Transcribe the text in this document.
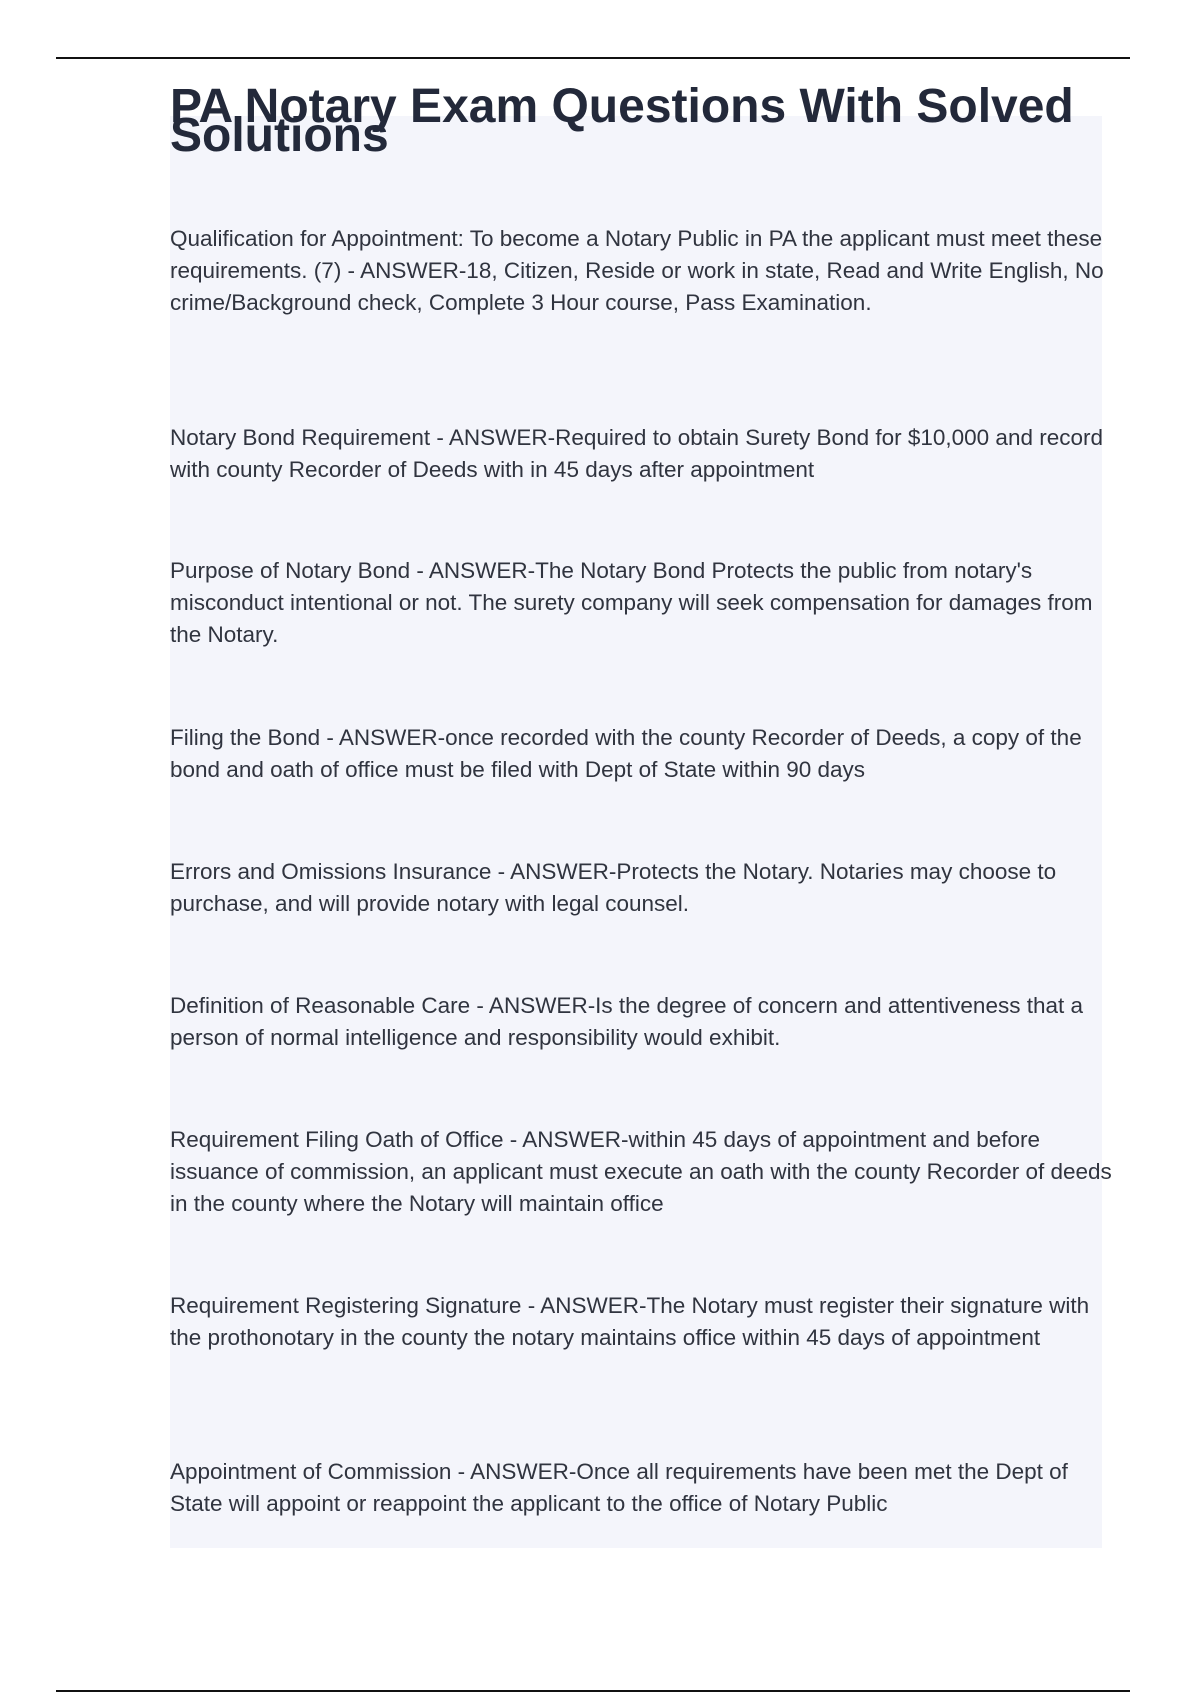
PA Notary Exam Questions With Solved Solutions

Qualification for Appointment: To become a Notary Public in PA the applicant must meet these requirements. (7) - ANSWER-18, Citizen, Reside or work in state, Read and Write English, No crime/Background check, Complete 3 Hour course, Pass Examination.

Notary Bond Requirement - ANSWER-Required to obtain Surety Bond for $10,000 and record with county Recorder of Deeds with in 45 days after appointment

Purpose of Notary Bond - ANSWER-The Notary Bond Protects the public from notary's misconduct intentional or not. The surety company will seek compensation for damages from the Notary.

Filing the Bond - ANSWER-once recorded with the county Recorder of Deeds, a copy of the bond and oath of office must be filed with Dept of State within 90 days

Errors and Omissions Insurance - ANSWER-Protects the Notary. Notaries may choose to purchase, and will provide notary with legal counsel.

Definition of Reasonable Care - ANSWER-Is the degree of concern and attentiveness that a person of normal intelligence and responsibility would exhibit.

Requirement Filing Oath of Office - ANSWER-within 45 days of appointment and before issuance of commission, an applicant must execute an oath with the county Recorder of deeds in the county where the Notary will maintain office

Requirement Registering Signature - ANSWER-The Notary must register their signature with the prothonotary in the county the notary maintains office within 45 days of appointment

Appointment of Commission - ANSWER-Once all requirements have been met the Dept of State will appoint or reappoint the applicant to the office of Notary Public
